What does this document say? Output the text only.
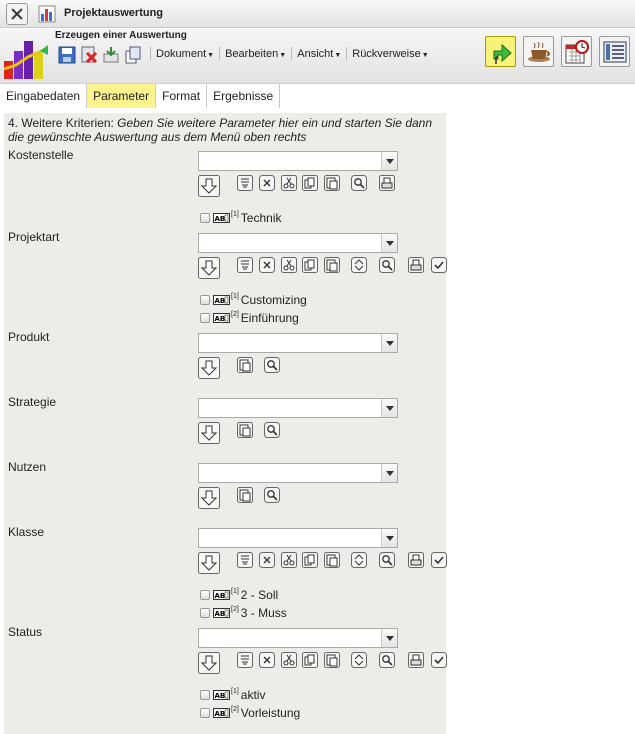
Projektauswertung
Erzeugen einer Auswertung
Dokument▼	Bearbeiten▼	Ansicht▼	Rückverweise▼
Eingabedaten	Parameter	Format	Ergebnisse
4. Weitere Kriterien: Geben Sie weitere Parameter hier ein und starten Sie dann die gewünschte Auswertung aus dem Menü oben rechts
Kostenstelle
AB
[1] Technik
Projektart
AB
[1] Customizing
AB
[2] Einführung
Produkt
Strategie
Nutzen
Klasse
AB
[1] 2 - Soll
AB
[2] 3 - Muss
Status
AB
[1] aktiv
AB
[2] Vorleistung
